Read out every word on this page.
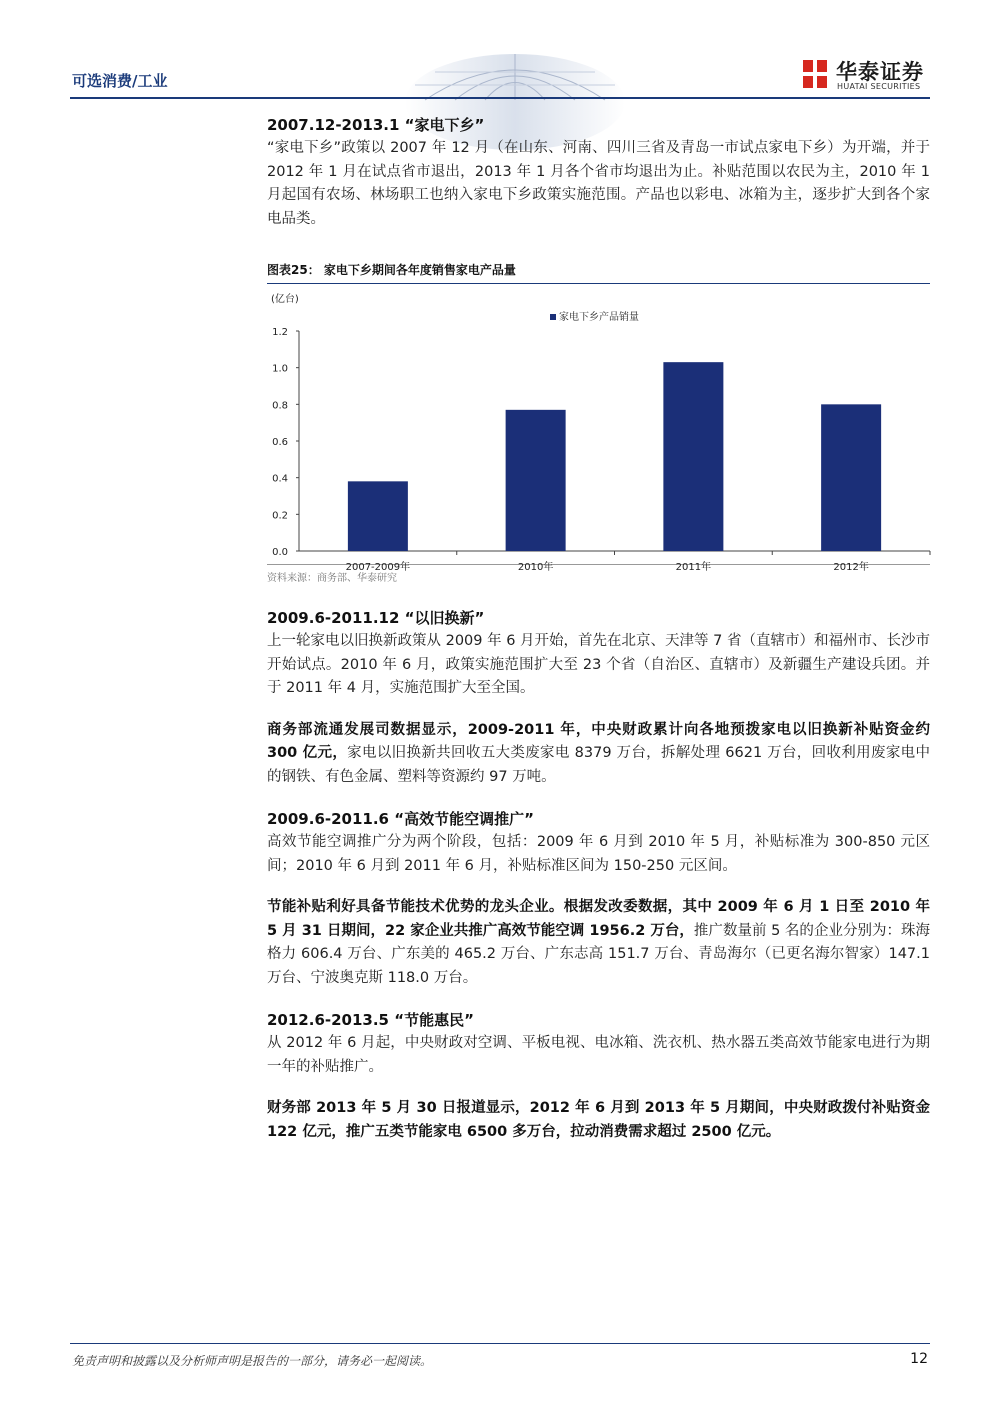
可选消费/工业	华泰证券
HUATAI SECURITIES
2007.12-2013.1 “家电下乡”
“家电下乡”政策以 2007 年 12 月（在山东、河南、四川三省及青岛一市试点家电下乡）为开端，并于 2012 年 1 月在试点省市退出，2013 年 1 月各个省市均退出为止。补贴范围以农民为主，2010 年 1 月起国有农场、林场职工也纳入家电下乡政策实施范围。产品也以彩电、冰箱为主，逐步扩大到各个家电品类。
图表25： 家电下乡期间各年度销售家电产品量
(亿台)
1.2
1.0
0.8
0.6
0.4
0.2
0.0
2007-2009年	2010年	2011年	2012年
家电下乡产品销量
资料来源：商务部、华泰研究
2009.6-2011.12 “以旧换新”
上一轮家电以旧换新政策从 2009 年 6 月开始，首先在北京、天津等 7 省（直辖市）和福州市、长沙市开始试点。2010 年 6 月，政策实施范围扩大至 23 个省（自治区、直辖市）及新疆生产建设兵团。并于 2011 年 4 月，实施范围扩大至全国。
商务部流通发展司数据显示，2009-2011 年，中央财政累计向各地预拨家电以旧换新补贴资金约 300 亿元，家电以旧换新共回收五大类废家电 8379 万台，拆解处理 6621 万台，回收利用废家电中的钢铁、有色金属、塑料等资源约 97 万吨。
2009.6-2011.6 “高效节能空调推广”
高效节能空调推广分为两个阶段，包括：2009 年 6 月到 2010 年 5 月，补贴标准为 300-850 元区间；2010 年 6 月到 2011 年 6 月，补贴标准区间为 150-250 元区间。
节能补贴利好具备节能技术优势的龙头企业。根据发改委数据，其中 2009 年 6 月 1 日至 2010 年 5 月 31 日期间，22 家企业共推广高效节能空调 1956.2 万台，推广数量前 5 名的企业分别为：珠海格力 606.4 万台、广东美的 465.2 万台、广东志高 151.7 万台、青岛海尔（已更名海尔智家）147.1 万台、宁波奥克斯 118.0 万台。
2012.6-2013.5 “节能惠民”
从 2012 年 6 月起，中央财政对空调、平板电视、电冰箱、洗衣机、热水器五类高效节能家电进行为期一年的补贴推广。
财务部 2013 年 5 月 30 日报道显示，2012 年 6 月到 2013 年 5 月期间，中央财政拨付补贴资金 122 亿元，推广五类节能家电 6500 多万台，拉动消费需求超过 2500 亿元。
免责声明和披露以及分析师声明是报告的一部分，请务必一起阅读。	12
